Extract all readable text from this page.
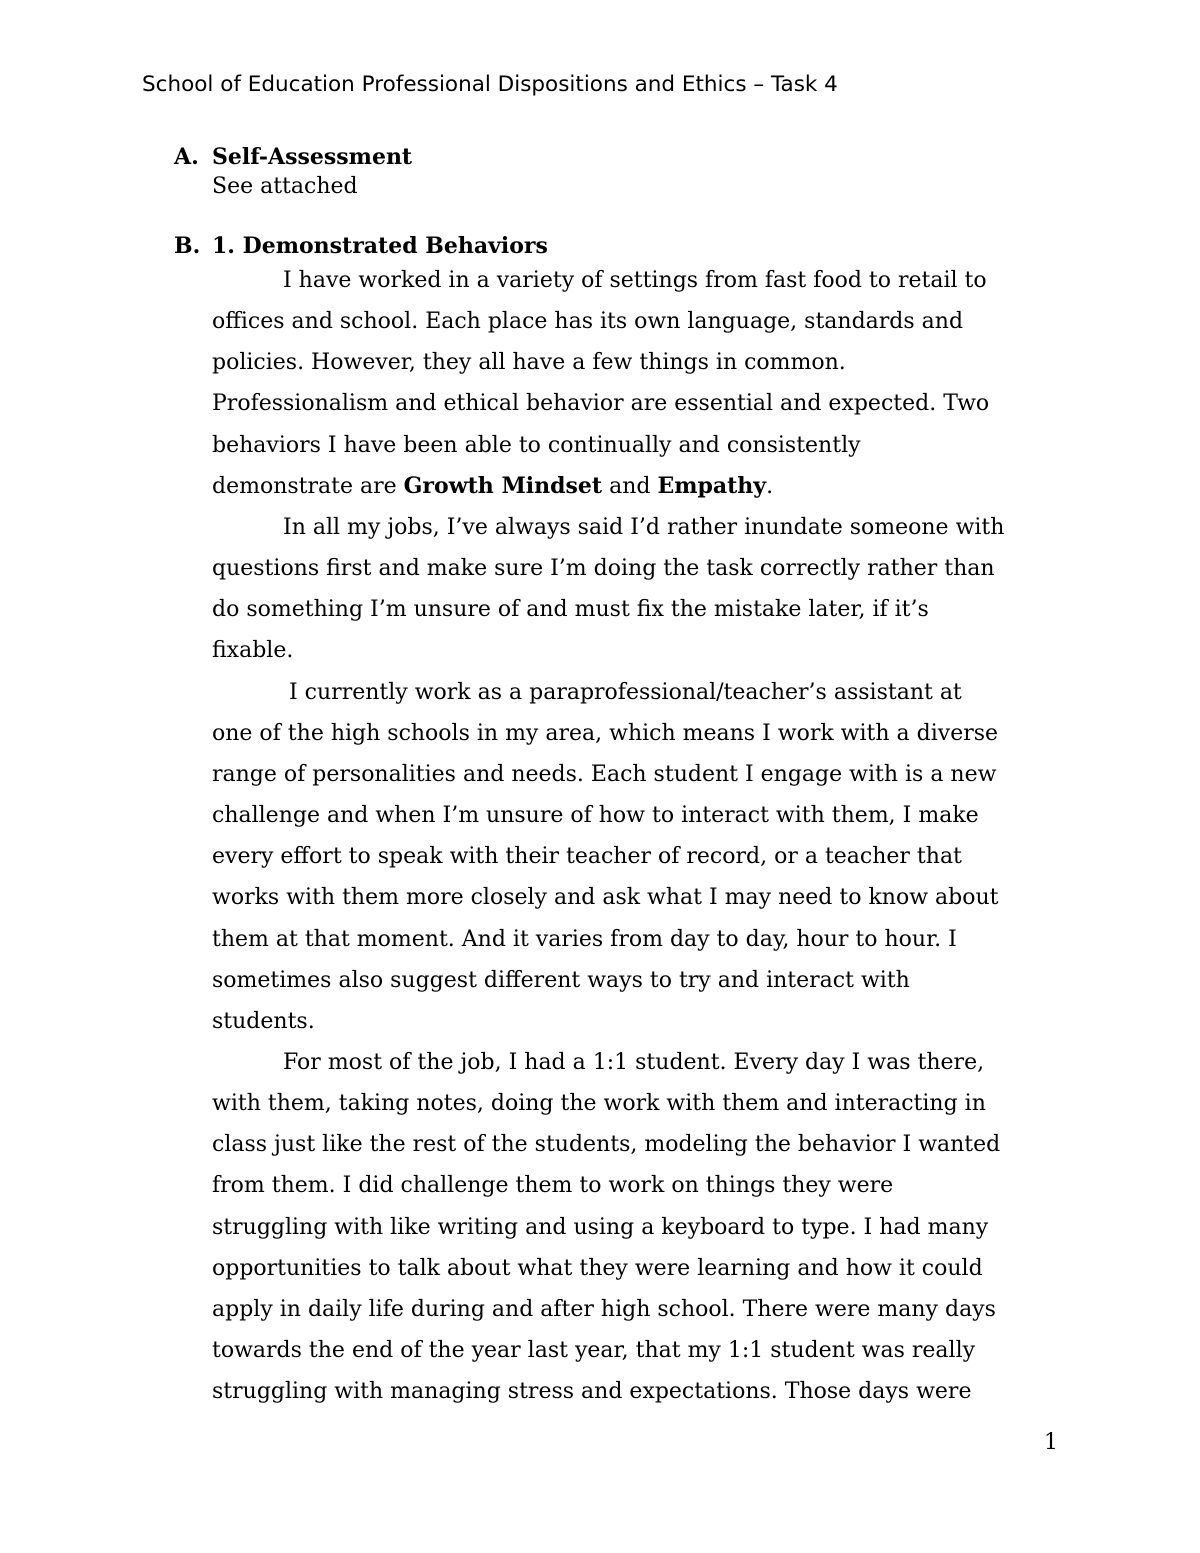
School of Education Professional Dispositions and Ethics – Task 4
A. Self-Assessment
See attached
B. 1. Demonstrated Behaviors

I have worked in a variety of settings from fast food to retail to
offices and school. Each place has its own language, standards and
policies. However, they all have a few things in common.
Professionalism and ethical behavior are essential and expected. Two
behaviors I have been able to continually and consistently
demonstrate are Growth Mindset and Empathy.

In all my jobs, I’ve always said I’d rather inundate someone with
questions first and make sure I’m doing the task correctly rather than
do something I’m unsure of and must fix the mistake later, if it’s
fixable.

I currently work as a paraprofessional/teacher’s assistant at
one of the high schools in my area, which means I work with a diverse
range of personalities and needs. Each student I engage with is a new
challenge and when I’m unsure of how to interact with them, I make
every effort to speak with their teacher of record, or a teacher that
works with them more closely and ask what I may need to know about
them at that moment. And it varies from day to day, hour to hour. I
sometimes also suggest different ways to try and interact with
students.

For most of the job, I had a 1:1 student. Every day I was there,
with them, taking notes, doing the work with them and interacting in
class just like the rest of the students, modeling the behavior I wanted
from them. I did challenge them to work on things they were
struggling with like writing and using a keyboard to type. I had many
opportunities to talk about what they were learning and how it could
apply in daily life during and after high school. There were many days
towards the end of the year last year, that my 1:1 student was really
struggling with managing stress and expectations. Those days were

1
